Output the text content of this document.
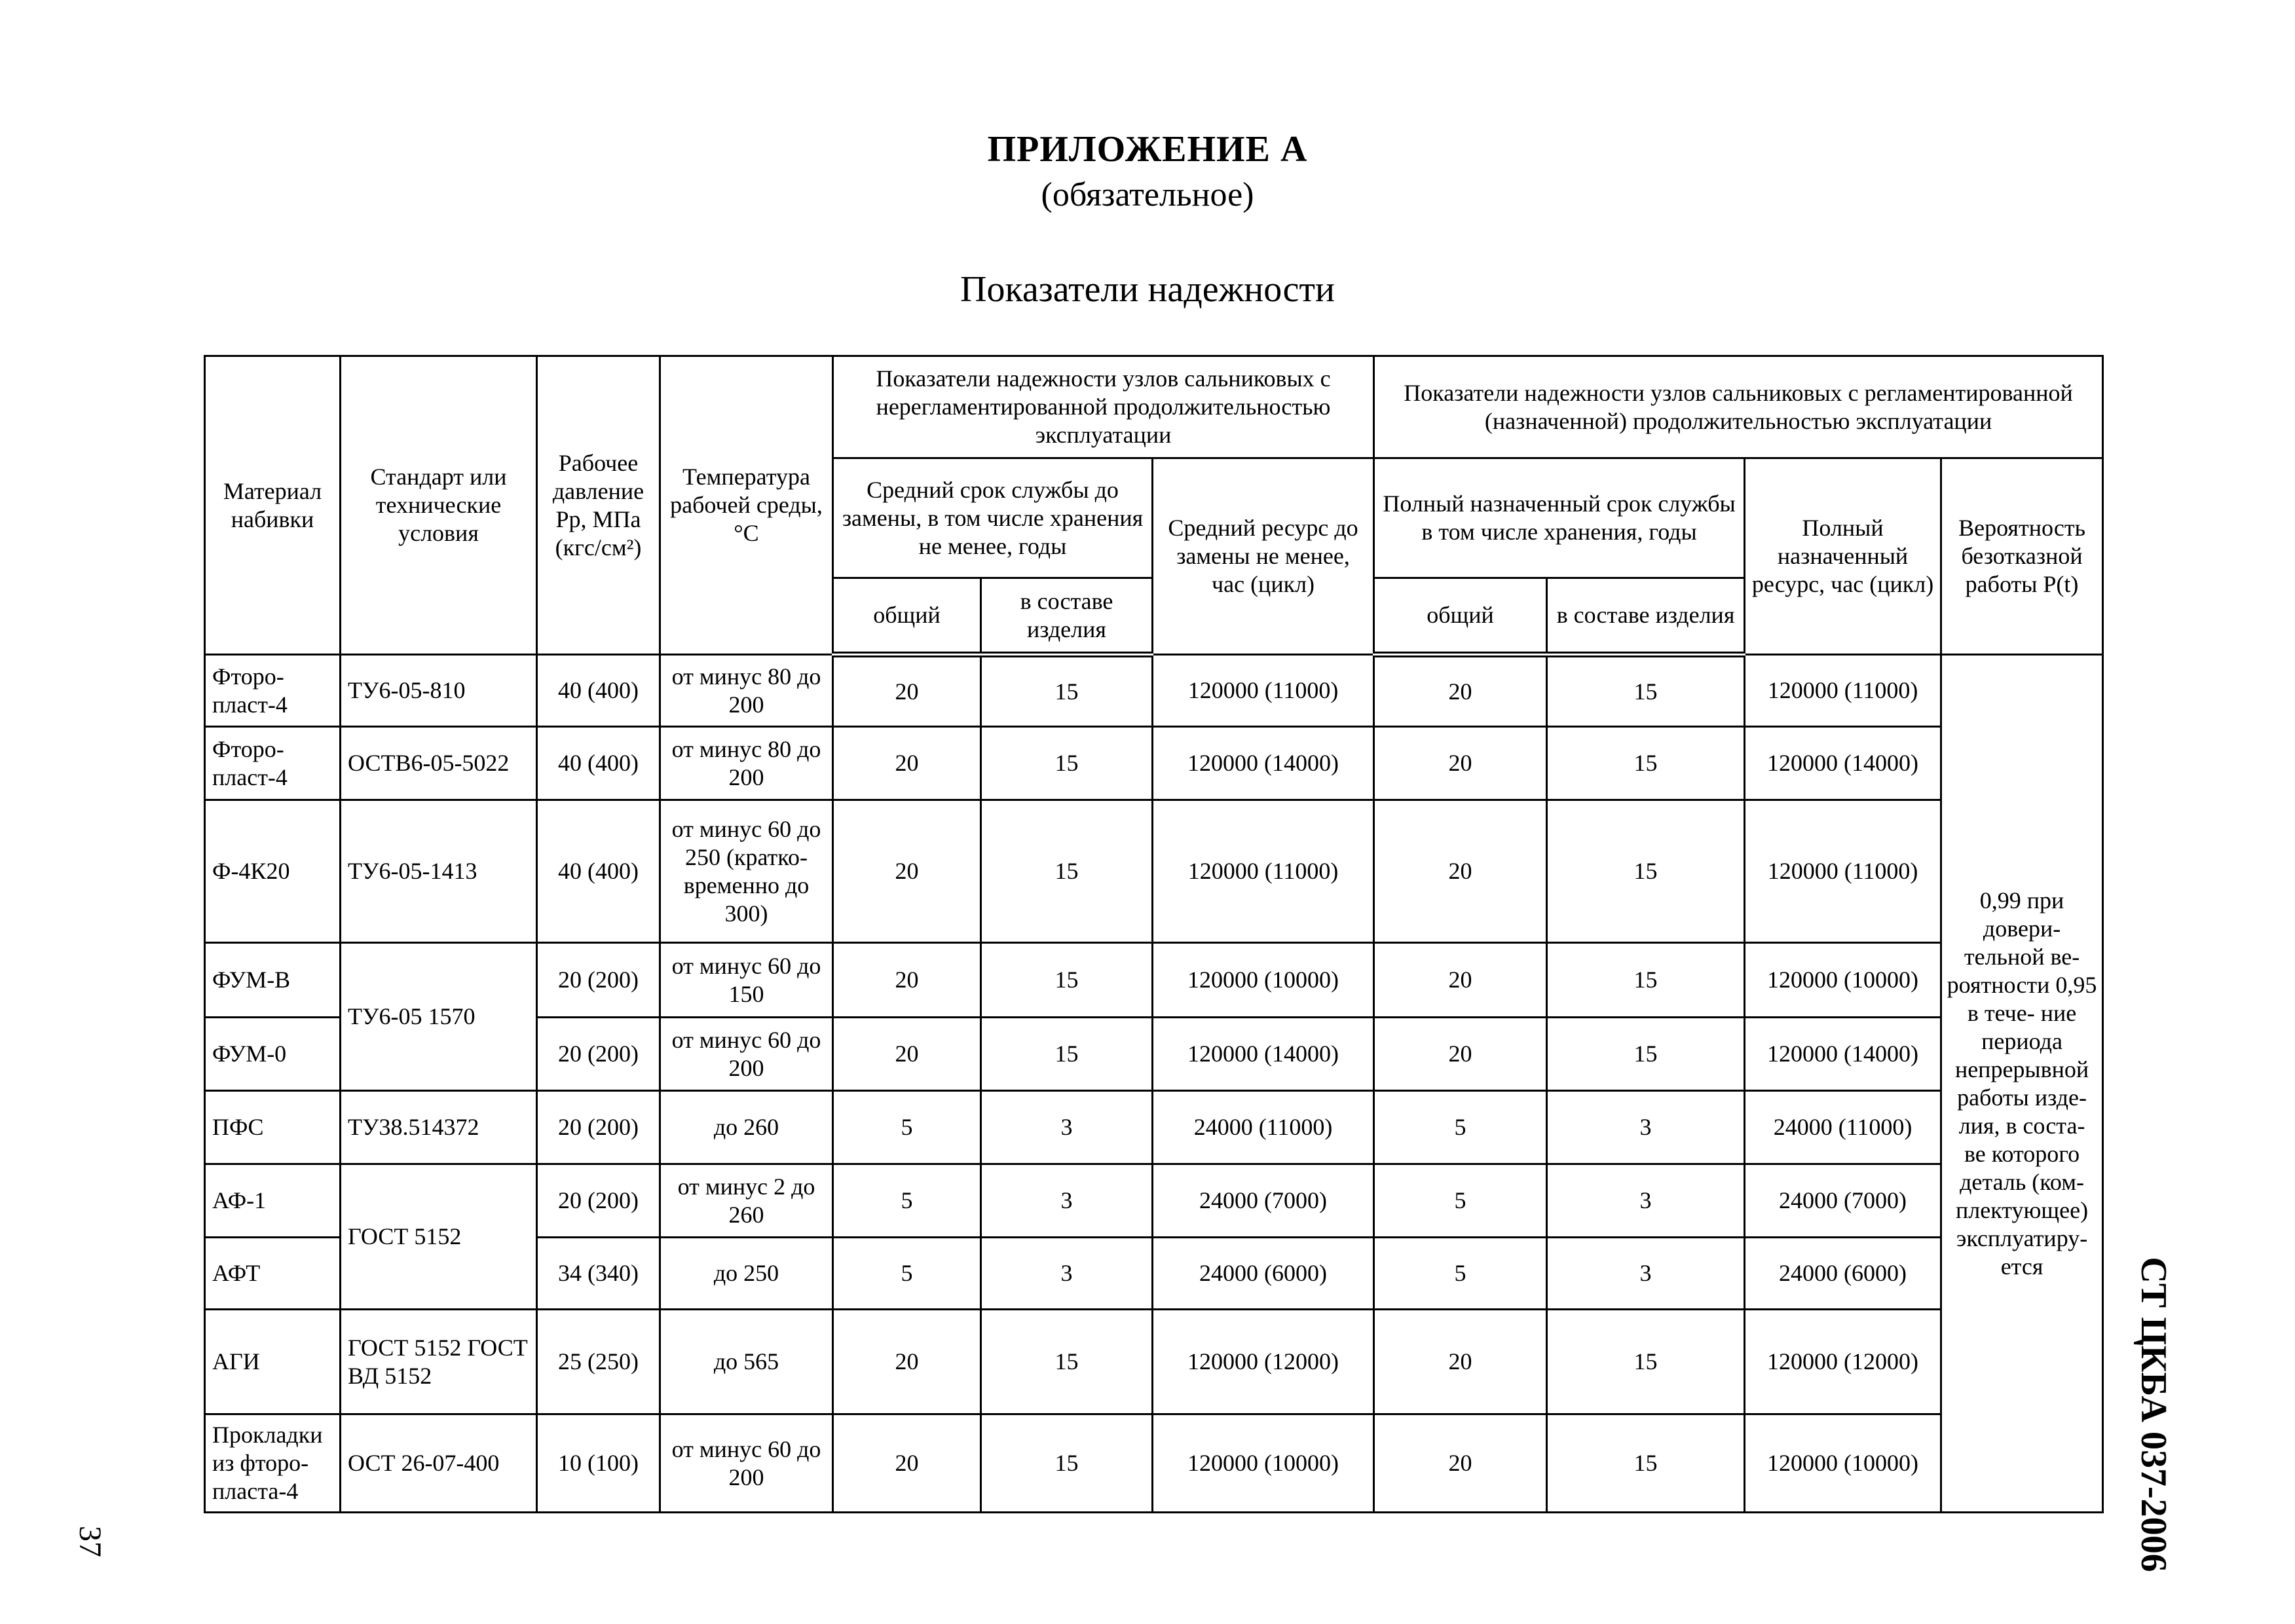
ПРИЛОЖЕНИЕ А
(обязательное)
Показатели надежности
Материал набивки	Стандарт или технические условия	Рабочее давление Рр, МПа (кгс/см²)	Температура рабочей среды, °С	Показатели надежности узлов сальниковых с нерегламентированной продолжительностью эксплуатации			Показатели надежности узлов сальниковых с регламентированной (назначенной) продолжительностью эксплуатации			
				Средний срок службы до замены, в том числе хранения не менее, годы		Средний ресурс до замены не менее, час (цикл)	Полный назначенный срок службы в том числе хранения, годы		Полный назначенный ресурс, час (цикл)	Вероятность безотказной работы P(t)
				общий	в составе изделия		общий	в составе изделия		
Фторо- пласт-4	ТУ6-05-810	40 (400)	от минус 80 до 200	20	15	120000 (11000)	20	15	120000 (11000)	0,99 при довери- тельной ве- роятности 0,95 в тече- ние периода непрерывной работы изде- лия, в соста- ве которого деталь (ком- плектующее) эксплуатиру- ется
Фторо- пласт-4	ОСТВ6-05-5022	40 (400)	от минус 80 до 200	20	15	120000 (14000)	20	15	120000 (14000)	
Ф-4К20	ТУ6-05-1413	40 (400)	от минус 60 до 250 (кратко- временно до 300)	20	15	120000 (11000)	20	15	120000 (11000)	
ФУМ-В	ТУ6-05 1570	20 (200)	от минус 60 до 150	20	15	120000 (10000)	20	15	120000 (10000)	
ФУМ-0		20 (200)	от минус 60 до 200	20	15	120000 (14000)	20	15	120000 (14000)	
ПФС	ТУ38.514372	20 (200)	до 260	5	3	24000 (11000)	5	3	24000 (11000)	
АФ-1	ГОСТ 5152	20 (200)	от минус 2 до 260	5	3	24000 (7000)	5	3	24000 (7000)	
АФТ		34 (340)	до 250	5	3	24000 (6000)	5	3	24000 (6000)	
АГИ	ГОСТ 5152 ГОСТ ВД 5152	25 (250)	до 565	20	15	120000 (12000)	20	15	120000 (12000)	
Прокладки из фторо- пласта-4	ОСТ 26-07-400	10 (100)	от минус 60 до 200	20	15	120000 (10000)	20	15	120000 (10000)		СТ ЦКБА 037-2006
37
